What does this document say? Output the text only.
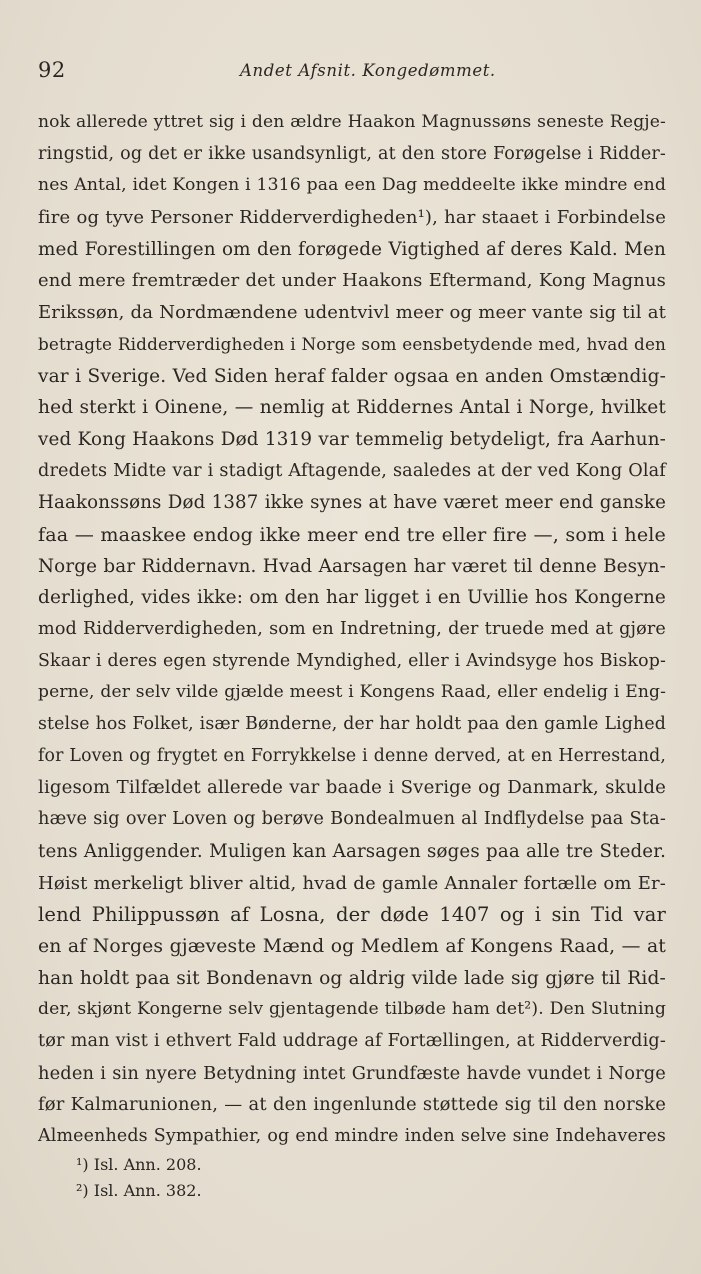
92	Andet Afsnit. Kongedømmet.
nok allerede yttret sig i den ældre Haakon Magnussøns seneste Regje-
ringstid, og det er ikke usandsynligt, at den store Forøgelse i Ridder-
nes Antal, idet Kongen i 1316 paa een Dag meddeelte ikke mindre end
fire og tyve Personer Ridderverdigheden¹), har staaet i Forbindelse
med Forestillingen om den forøgede Vigtighed af deres Kald. Men
end mere fremtræder det under Haakons Eftermand, Kong Magnus
Erikssøn, da Nordmændene udentvivl meer og meer vante sig til at
betragte Ridderverdigheden i Norge som eensbetydende med, hvad den
var i Sverige. Ved Siden heraf falder ogsaa en anden Omstændig-
hed sterkt i Oinene, — nemlig at Riddernes Antal i Norge, hvilket
ved Kong Haakons Død 1319 var temmelig betydeligt, fra Aarhun-
dredets Midte var i stadigt Aftagende, saaledes at der ved Kong Olaf
Haakonssøns Død 1387 ikke synes at have været meer end ganske
faa — maaskee endog ikke meer end tre eller fire —, som i hele
Norge bar Riddernavn. Hvad Aarsagen har været til denne Besyn-
derlighed, vides ikke: om den har ligget i en Uvillie hos Kongerne
mod Ridderverdigheden, som en Indretning, der truede med at gjøre
Skaar i deres egen styrende Myndighed, eller i Avindsyge hos Biskop-
perne, der selv vilde gjælde meest i Kongens Raad, eller endelig i Eng-
stelse hos Folket, især Bønderne, der har holdt paa den gamle Lighed
for Loven og frygtet en Forrykkelse i denne derved, at en Herrestand,
ligesom Tilfældet allerede var baade i Sverige og Danmark, skulde
hæve sig over Loven og berøve Bondealmuen al Indflydelse paa Sta-
tens Anliggender. Muligen kan Aarsagen søges paa alle tre Steder.
Høist merkeligt bliver altid, hvad de gamle Annaler fortælle om Er-
lend Philippussøn af Losna, der døde 1407 og i sin Tid var
en af Norges gjæveste Mænd og Medlem af Kongens Raad, — at
han holdt paa sit Bondenavn og aldrig vilde lade sig gjøre til Rid-
der, skjønt Kongerne selv gjentagende tilbøde ham det²). Den Slutning
tør man vist i ethvert Fald uddrage af Fortællingen, at Ridderverdig-
heden i sin nyere Betydning intet Grundfæste havde vundet i Norge
før Kalmarunionen, — at den ingenlunde støttede sig til den norske
Almeenheds Sympathier, og end mindre inden selve sine Indehaveres
¹) Isl. Ann. 208.
²) Isl. Ann. 382.
